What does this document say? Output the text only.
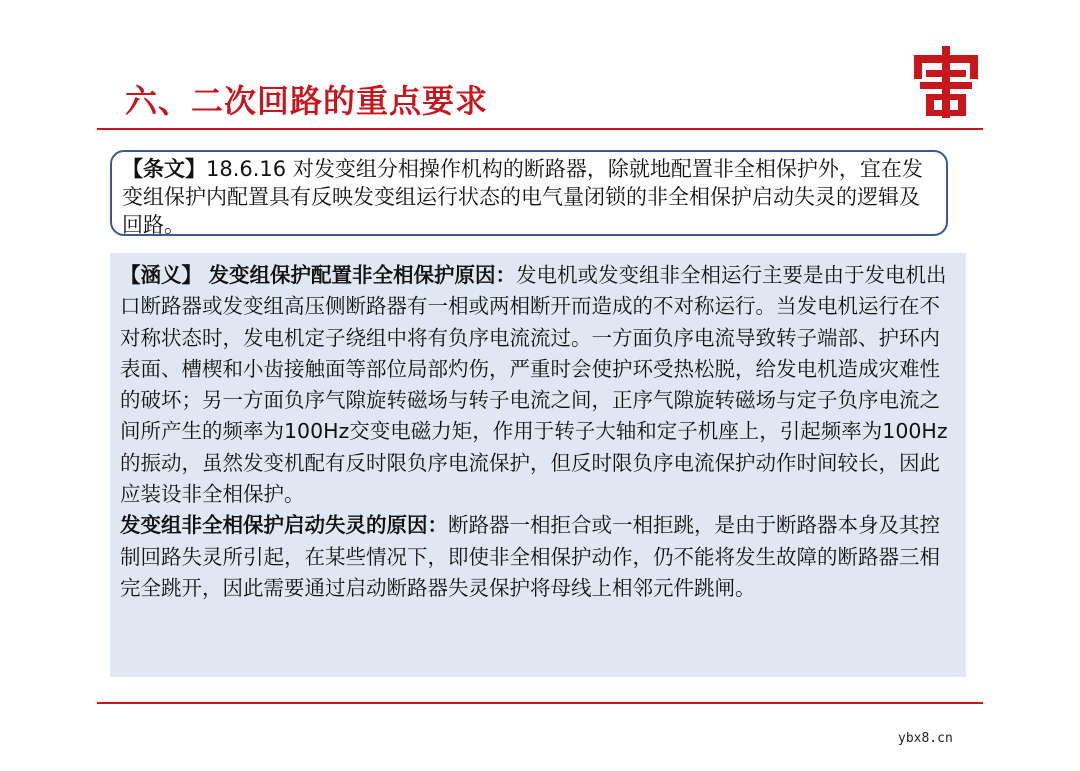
六、二次回路的重点要求
【条文】18.6.16 对发变组分相操作机构的断路器，除就地配置非全相保护外，宜在发变组保护内配置具有反映发变组运行状态的电气量闭锁的非全相保护启动失灵的逻辑及回路。
【涵义】 发变组保护配置非全相保护原因：发电机或发变组非全相运行主要是由于发电机出口断路器或发变组高压侧断路器有一相或两相断开而造成的不对称运行。当发电机运行在不对称状态时，发电机定子绕组中将有负序电流流过。一方面负序电流导致转子端部、护环内表面、槽楔和小齿接触面等部位局部灼伤，严重时会使护环受热松脱，给发电机造成灾难性的破坏；另一方面负序气隙旋转磁场与转子电流之间，正序气隙旋转磁场与定子负序电流之间所产生的频率为100Hz交变电磁力矩，作用于转子大轴和定子机座上，引起频率为100Hz的振动，虽然发变机配有反时限负序电流保护，但反时限负序电流保护动作时间较长，因此应装设非全相保护。
发变组非全相保护启动失灵的原因：断路器一相拒合或一相拒跳，是由于断路器本身及其控制回路失灵所引起，在某些情况下，即使非全相保护动作，仍不能将发生故障的断路器三相完全跳开，因此需要通过启动断路器失灵保护将母线上相邻元件跳闸。
ybx8.cn
